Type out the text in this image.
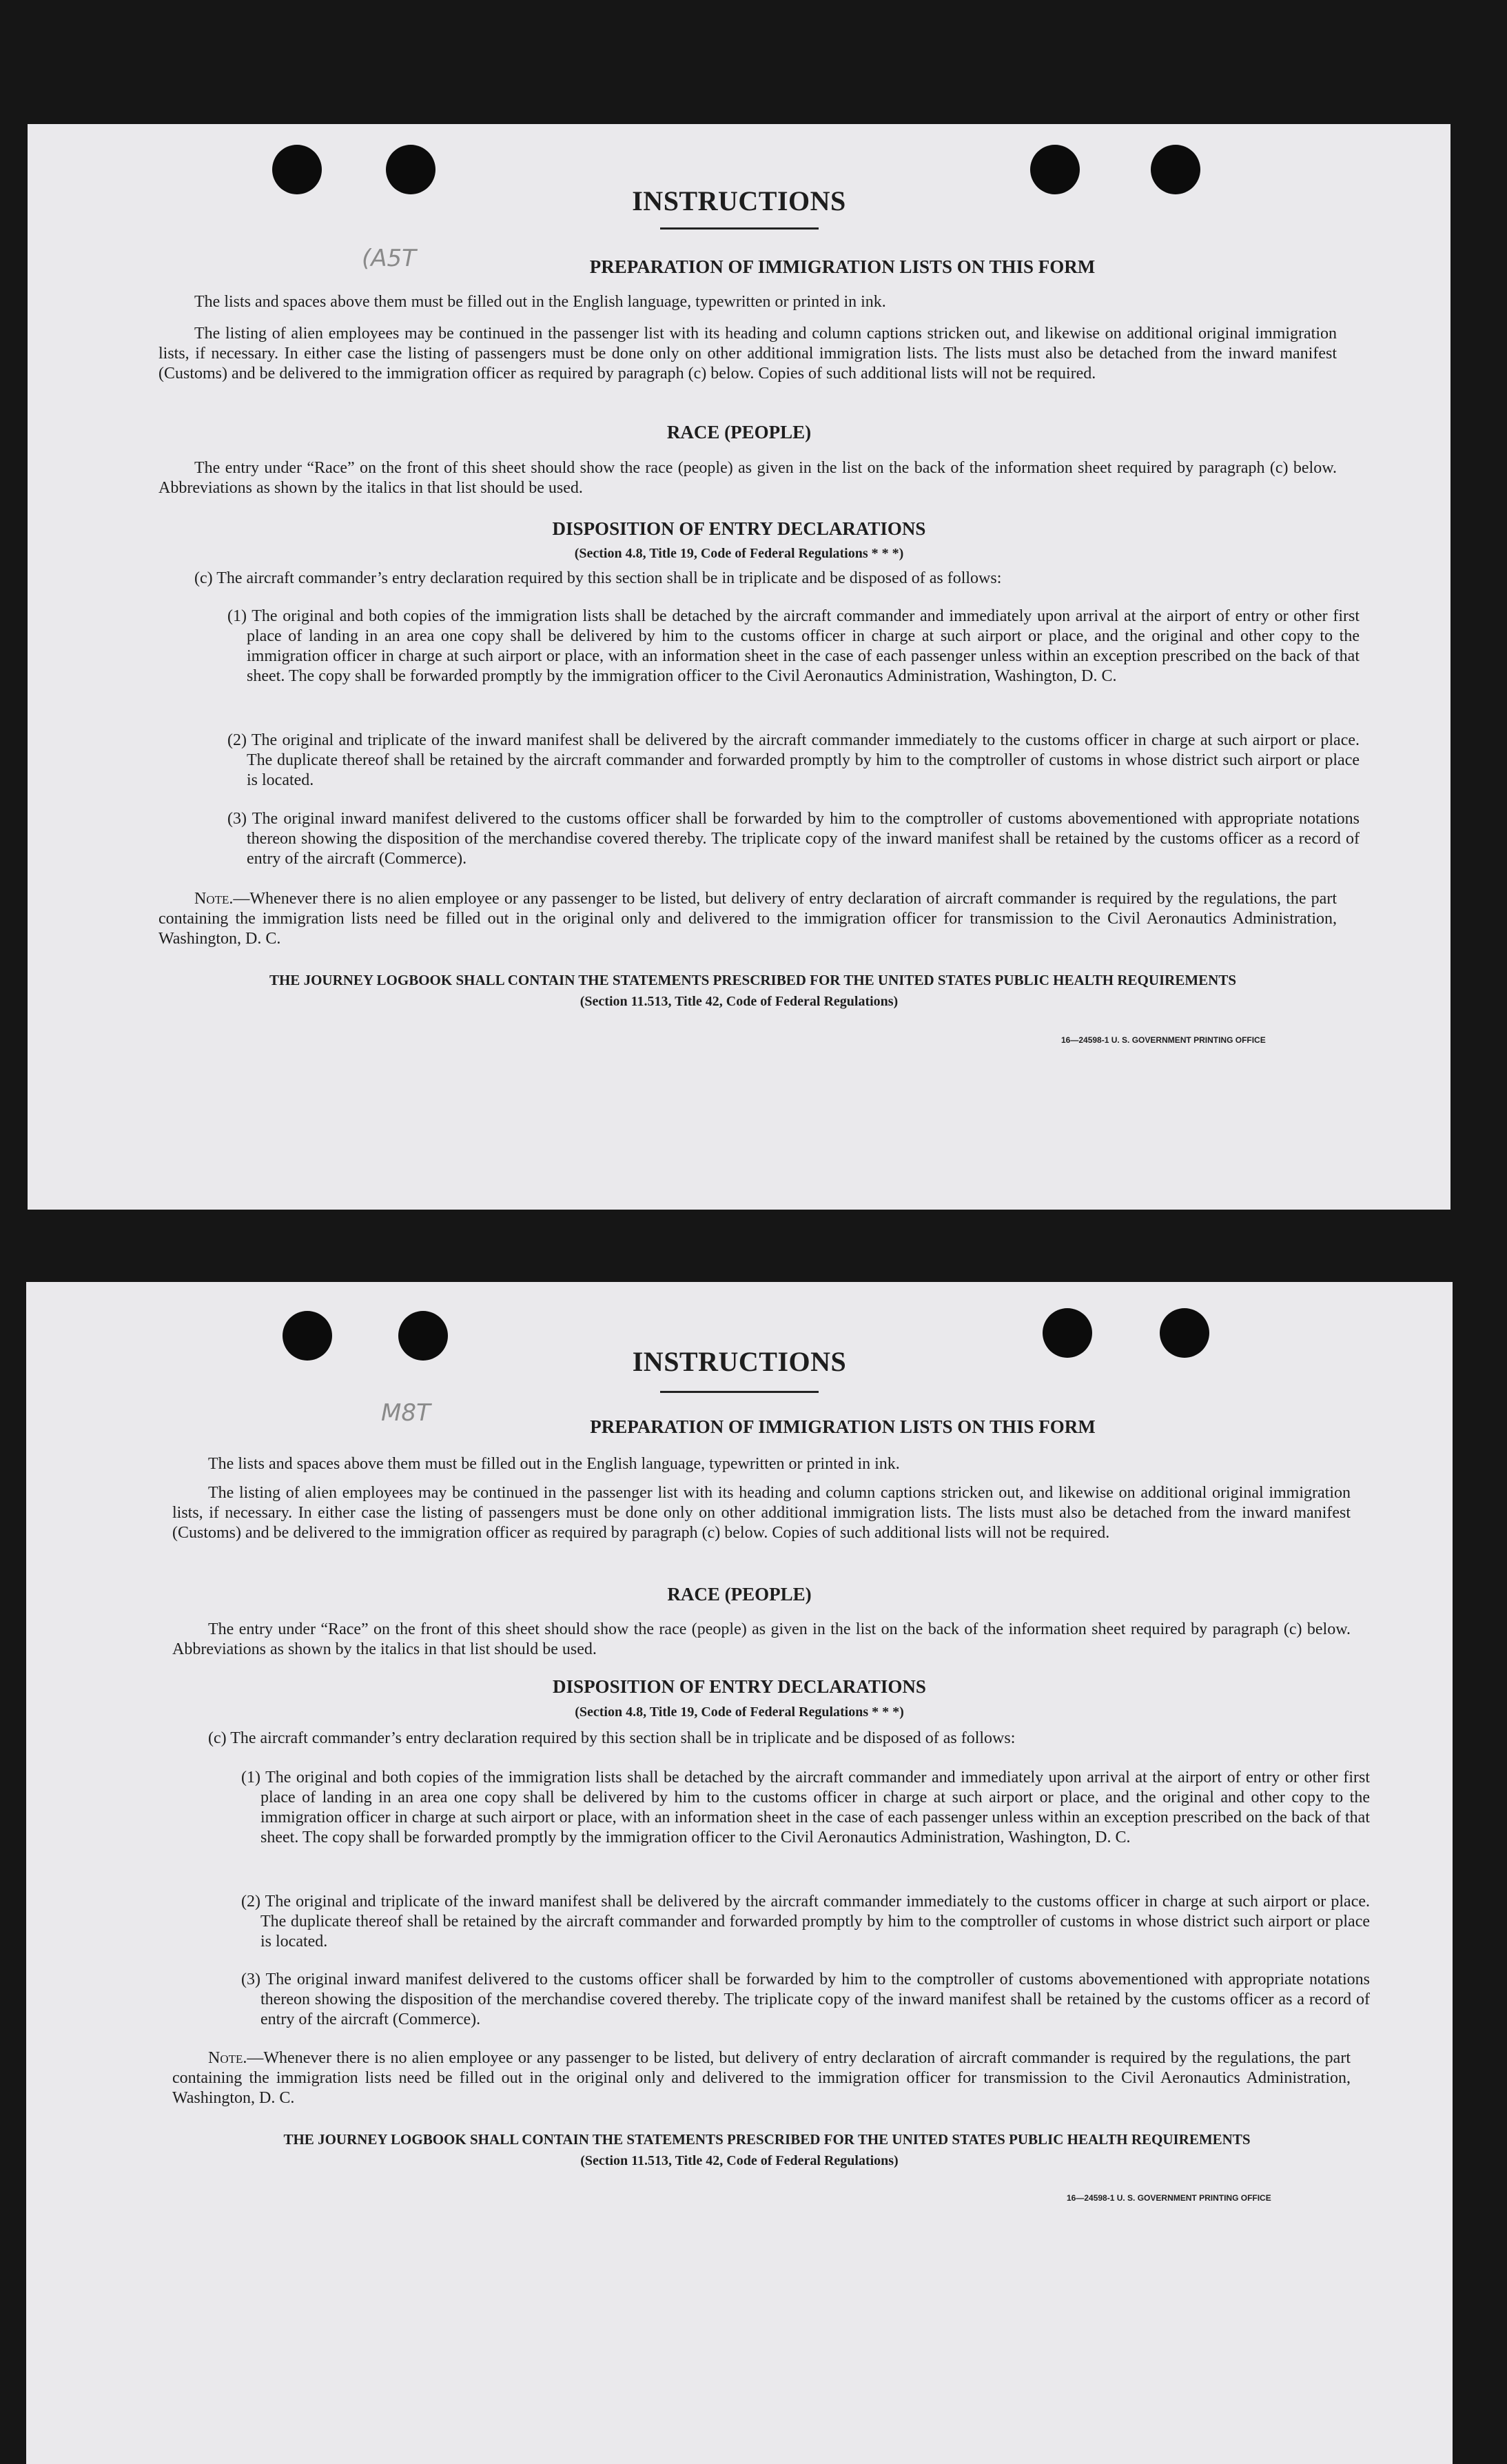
(A5T
INSTRUCTIONS
PREPARATION OF IMMIGRATION LISTS ON THIS FORM

The lists and spaces above them must be filled out in the English language, typewritten or printed in ink.

The listing of alien employees may be continued in the passenger list with its heading and column captions stricken out, and likewise on additional original immigration lists, if necessary. In either case the listing of passengers must be done only on other additional immigration lists. The lists must also be detached from the inward manifest (Customs) and be delivered to the immigration officer as required by paragraph (c) below. Copies of such additional lists will not be required.

RACE (PEOPLE)

The entry under “Race” on the front of this sheet should show the race (people) as given in the list on the back of the information sheet required by paragraph (c) below. Abbreviations as shown by the italics in that list should be used.

DISPOSITION OF ENTRY DECLARATIONS
(Section 4.8, Title 19, Code of Federal Regulations * * *)

(c) The aircraft commander’s entry declaration required by this section shall be in triplicate and be disposed of as follows:

(1) The original and both copies of the immigration lists shall be detached by the aircraft commander and immediately upon arrival at the airport of entry or other first place of landing in an area one copy shall be delivered by him to the customs officer in charge at such airport or place, and the original and other copy to the immigration officer in charge at such airport or place, with an information sheet in the case of each passenger unless within an exception prescribed on the back of that sheet. The copy shall be forwarded promptly by the immigration officer to the Civil Aeronautics Administration, Washington, D. C.

(2) The original and triplicate of the inward manifest shall be delivered by the aircraft commander immediately to the customs officer in charge at such airport or place. The duplicate thereof shall be retained by the aircraft commander and forwarded promptly by him to the comptroller of customs in whose district such airport or place is located.

(3) The original inward manifest delivered to the customs officer shall be forwarded by him to the comptroller of customs abovementioned with appropriate notations thereon showing the disposition of the merchandise covered thereby. The triplicate copy of the inward manifest shall be retained by the customs officer as a record of entry of the aircraft (Commerce).

Note.—Whenever there is no alien employee or any passenger to be listed, but delivery of entry declaration of aircraft commander is required by the regulations, the part containing the immigration lists need be filled out in the original only and delivered to the immigration officer for transmission to the Civil Aeronautics Administration, Washington, D. C.

THE JOURNEY LOGBOOK SHALL CONTAIN THE STATEMENTS PRESCRIBED FOR THE UNITED STATES PUBLIC HEALTH REQUIREMENTS
(Section 11.513, Title 42, Code of Federal Regulations)
16—24598-1 U. S. GOVERNMENT PRINTING OFFICE
M8T
INSTRUCTIONS
PREPARATION OF IMMIGRATION LISTS ON THIS FORM

The lists and spaces above them must be filled out in the English language, typewritten or printed in ink.

The listing of alien employees may be continued in the passenger list with its heading and column captions stricken out, and likewise on additional original immigration lists, if necessary. In either case the listing of passengers must be done only on other additional immigration lists. The lists must also be detached from the inward manifest (Customs) and be delivered to the immigration officer as required by paragraph (c) below. Copies of such additional lists will not be required.

RACE (PEOPLE)

The entry under “Race” on the front of this sheet should show the race (people) as given in the list on the back of the information sheet required by paragraph (c) below. Abbreviations as shown by the italics in that list should be used.

DISPOSITION OF ENTRY DECLARATIONS
(Section 4.8, Title 19, Code of Federal Regulations * * *)

(c) The aircraft commander’s entry declaration required by this section shall be in triplicate and be disposed of as follows:

(1) The original and both copies of the immigration lists shall be detached by the aircraft commander and immediately upon arrival at the airport of entry or other first place of landing in an area one copy shall be delivered by him to the customs officer in charge at such airport or place, and the original and other copy to the immigration officer in charge at such airport or place, with an information sheet in the case of each passenger unless within an exception prescribed on the back of that sheet. The copy shall be forwarded promptly by the immigration officer to the Civil Aeronautics Administration, Washington, D. C.

(2) The original and triplicate of the inward manifest shall be delivered by the aircraft commander immediately to the customs officer in charge at such airport or place. The duplicate thereof shall be retained by the aircraft commander and forwarded promptly by him to the comptroller of customs in whose district such airport or place is located.

(3) The original inward manifest delivered to the customs officer shall be forwarded by him to the comptroller of customs abovementioned with appropriate notations thereon showing the disposition of the merchandise covered thereby. The triplicate copy of the inward manifest shall be retained by the customs officer as a record of entry of the aircraft (Commerce).

Note.—Whenever there is no alien employee or any passenger to be listed, but delivery of entry declaration of aircraft commander is required by the regulations, the part containing the immigration lists need be filled out in the original only and delivered to the immigration officer for transmission to the Civil Aeronautics Administration, Washington, D. C.

THE JOURNEY LOGBOOK SHALL CONTAIN THE STATEMENTS PRESCRIBED FOR THE UNITED STATES PUBLIC HEALTH REQUIREMENTS
(Section 11.513, Title 42, Code of Federal Regulations)
16—24598-1 U. S. GOVERNMENT PRINTING OFFICE
